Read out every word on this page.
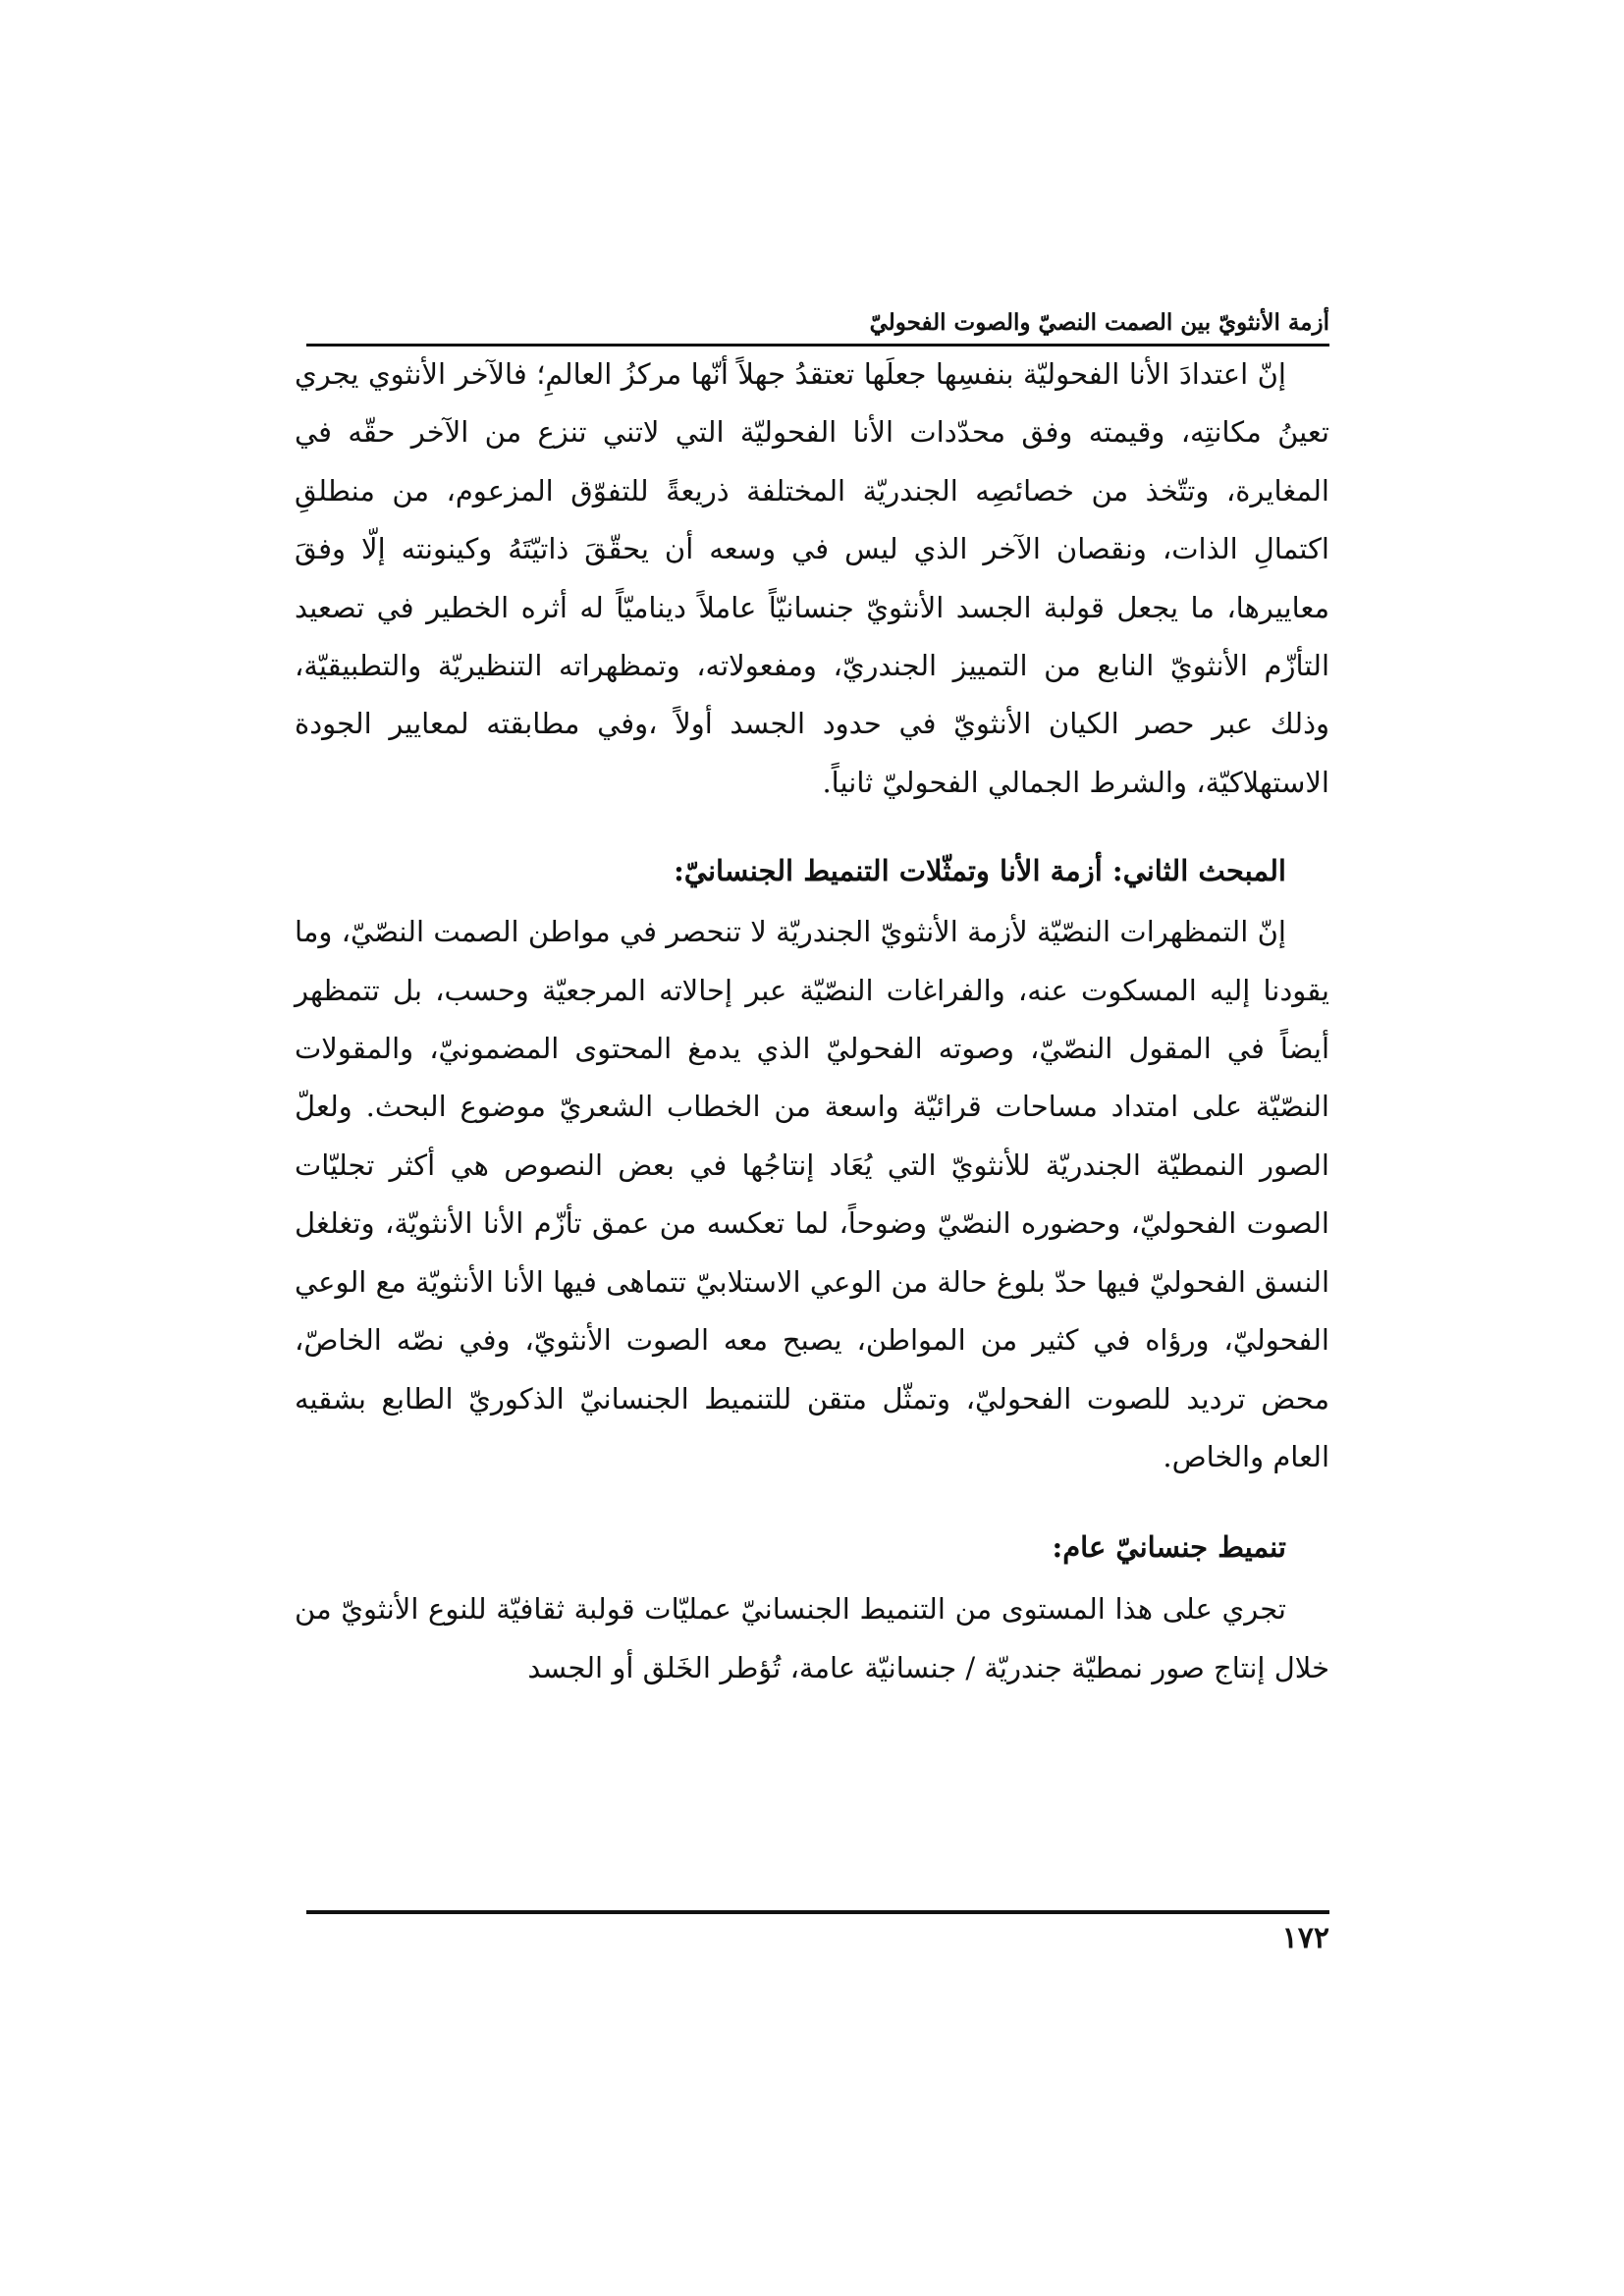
أزمة الأنثويّ بين الصمت النصيّ والصوت الفحوليّ

إنّ اعتدادَ الأنا الفحوليّة بنفسِها جعلَها تعتقدُ جهلاً أنّها مركزُ العالمِ؛ فالآخر الأنثوي يجري تعينُ مكانتِه، وقيمته وفق محدّدات الأنا الفحوليّة التي لاتني تنزع من الآخر حقّه في المغايرة، وتتّخذ من خصائصِه الجندريّة المختلفة ذريعةً للتفوّق المزعوم، من منطلقِ اكتمالِ الذات، ونقصان الآخر الذي ليس في وسعه أن يحقّقَ ذاتيّتَهُ وكينونته إلّا وفقَ معاييرها، ما يجعل قولبة الجسد الأنثويّ جنسانيّاً عاملاً ديناميّاً له أثره الخطير في تصعيد التأزّم الأنثويّ النابع من التمييز الجندريّ، ومفعولاته، وتمظهراته التنظيريّة والتطبيقيّة، وذلك عبر حصر الكيان الأنثويّ في حدود الجسد أولاً ،وفي مطابقته لمعايير الجودة الاستهلاكيّة، والشرط الجمالي الفحوليّ ثانياً.

المبحث الثاني: أزمة الأنا وتمثّلات التنميط الجنسانيّ:

إنّ التمظهرات النصّيّة لأزمة الأنثويّ الجندريّة لا تنحصر في مواطن الصمت النصّيّ، وما يقودنا إليه المسكوت عنه، والفراغات النصّيّة عبر إحالاته المرجعيّة وحسب، بل تتمظهر أيضاً في المقول النصّيّ، وصوته الفحوليّ الذي يدمغ المحتوى المضمونيّ، والمقولات النصّيّة على امتداد مساحات قرائيّة واسعة من الخطاب الشعريّ موضوع البحث. ولعلّ الصور النمطيّة الجندريّة للأنثويّ التي يُعَاد إنتاجُها في بعض النصوص هي أكثر تجليّات الصوت الفحوليّ، وحضوره النصّيّ وضوحاً، لما تعكسه من عمق تأزّم الأنا الأنثويّة، وتغلغل النسق الفحوليّ فيها حدّ بلوغ حالة من الوعي الاستلابيّ تتماهى فيها الأنا الأنثويّة مع الوعي الفحوليّ، ورؤاه في كثير من المواطن، يصبح معه الصوت الأنثويّ، وفي نصّه الخاصّ، محض ترديد للصوت الفحوليّ، وتمثّل متقن للتنميط الجنسانيّ الذكوريّ الطابع بشقيه العام والخاص.

تنميط جنسانيّ عام:

تجري على هذا المستوى من التنميط الجنسانيّ عمليّات قولبة ثقافيّة للنوع الأنثويّ من خلال إنتاج صور نمطيّة جندريّة / جنسانيّة عامة، تُؤطر الخَلق أو الجسد

١٧٢
